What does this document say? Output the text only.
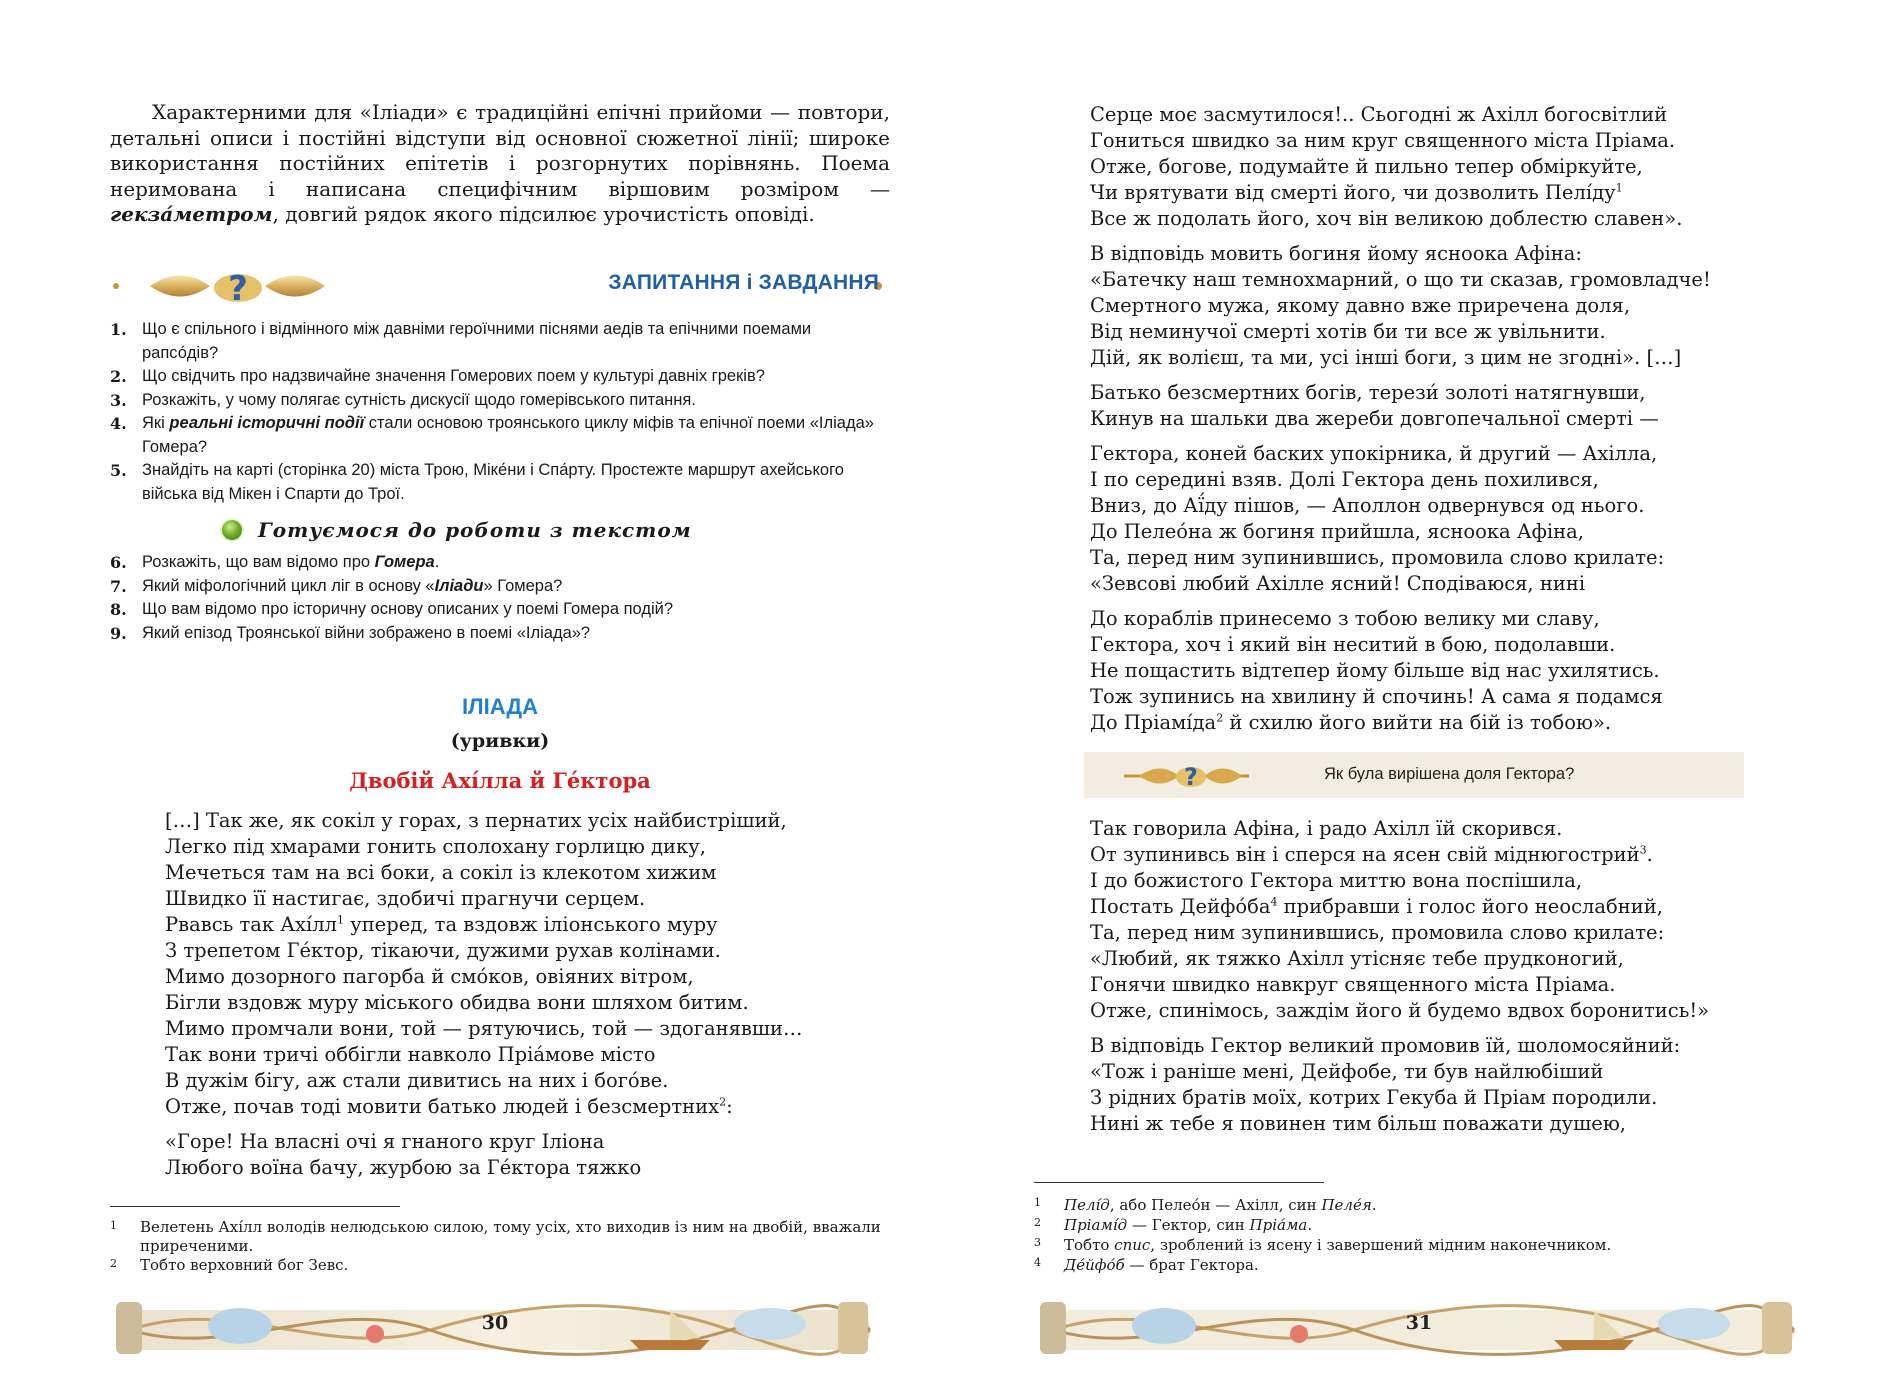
Характерними для «Іліади» є традиційні епічні прийоми — повтори, детальні описи і постійні відступи від основної сюжетної лінії; широке використання постійних епітетів і розгорнутих порівнянь. Поема неримована і написана специфічним віршовим розміром — гекза́метром, довгий рядок якого підсилює урочистість оповіді.

?	ЗАПИТАННЯ і ЗАВДАННЯ
1. Що є спільного і відмінного між давніми героїчними піснями аедів та епічними поемами рапсо́дів?
2. Що свідчить про надзвичайне значення Гомерових поем у культурі давніх греків?
3. Розкажіть, у чому полягає сутність дискусії щодо гомерівського питання.
4. Які реальні історичні події стали основою троянського циклу міфів та епічної поеми «Іліада» Гомера?
5. Знайдіть на карті (сторінка 20) міста Трою, Міке́ни і Спа́рту. Простежте маршрут ахейського війська від Мікен і Спарти до Трої.
Готуємося до роботи з текстом
6. Розкажіть, що вам відомо про Гомера.
7. Який міфологічний цикл ліг в основу «Іліади» Гомера?
8. Що вам відомо про історичну основу описаних у поемі Гомера подій?
9. Який епізод Троянської війни зображено в поемі «Іліада»?
ІЛІАДА
(уривки)
Двобій Ахі́лла й Ге́ктора
[…] Так же, як сокіл у горах, з пернатих усіх найбистріший,
Легко під хмарами гонить сполохану горлицю дику,
Мечеться там на всі боки, а сокіл із клекотом хижим
Швидко її настигає, здобичі прагнучи серцем.
Рвавсь так $Ахі́лл^1$ уперед, та вздовж іліонського муру
З трепетом Ге́ктор, тікаючи, дужими рухав колінами.
Мимо дозорного пагорба й смо́ков, овіяних вітром,
Бігли вздовж муру міського обидва вони шляхом битим.
Мимо промчали вони, той — рятуючись, той — здоганявши…
Так вони тричі оббігли навколо Пріа́мове місто
В дужім бігу, аж стали дивитись на них і бого́ве.
Отже, почав тоді мовити батько людей і безсмертних$^2$:
«Горе! На власні очі я гнаного круг Іліона
Любого воїна бачу, журбою за Ге́ктора тяжко
1 Велетень Ахі́лл володів нелюдською силою, тому усіх, хто виходив із ним на двобій, вважали приреченими.
2 Тобто верховний бог Зевс.
30
Серце моє засмутилося!.. Сьогодні ж Ахілл богосвітлий
Гониться швидко за ним круг священного міста Пріама.
Отже, богове, подумайте й пильно тепер обміркуйте,
Чи врятувати від смерті його, чи дозволить $Пелі́ду^1$
Все ж подолать його, хоч він великою доблестю славен».
В відповідь мовить богиня йому ясноока Афіна:
«Батечку наш темнохмарний, о що ти сказав, громовладче!
Смертного мужа, якому давно вже приречена доля,
Від неминучої смерті хотів би ти все ж увільнити.
Дій, як волієш, та ми, усі інші боги, з цим не згодні». […]
Батько безсмертних богів, терези́ золоті натягнувши,
Кинув на шальки два жереби довгопечальної смерті —
Гектора, коней баских упокірника, й другий — Ахілла,
І по середині взяв. Долі Гектора день похилився,
Вниз, до Аї́ду пішов, — Аполлон одвернувся од нього.
До Пелео́на ж богиня прийшла, ясноока Афіна,
Та, перед ним зупинившись, промовила слово крилате:
«Зевсові любий Ахілле ясний! Сподіваюся, нині
До кораблів принесемо з тобою велику ми славу,
Гектора, хоч і який він неситий в бою, подолавши.
Не пощастить відтепер йому більше від нас ухилятись.
Тож зупинись на хвилину й спочинь! А сама я подамся
До $Пріамі́да^2$ й схилю його вийти на бій із тобою».
?	Як була вирішена доля Гектора?
Так говорила Афіна, і радо Ахілл їй скорився.
От зупинивсь він і сперся на ясен свій міднюгострий$^3$.
І до божистого Гектора миттю вона поспішила,
Постать $Дейфо́ба^4$ прибравши і голос його неослабний,
Та, перед ним зупинившись, промовила слово крилате:
«Любий, як тяжко Ахілл утісняє тебе прудконогий,
Гонячи швидко навкруг священного міста Пріама.
Отже, спинімось, заждім його й будемо вдвох боронитись!»
В відповідь Гектор великий промовив їй, шоломосяйний:
«Тож і раніше мені, Дейфобе, ти був найлюбіший
З рідних братів моїх, котрих Гекуба й Пріам породили.
Нині ж тебе я повинен тим більш поважати душею,
1 Пелі́д, або Пелео́н — Ахілл, син Пеле́я.
2 Пріамі́д — Гектор, син Пріа́ма.
3 Тобто спис, зроблений із ясену і завершений мідним наконечником.
4 Де́йфо́б — брат Гектора.
31
